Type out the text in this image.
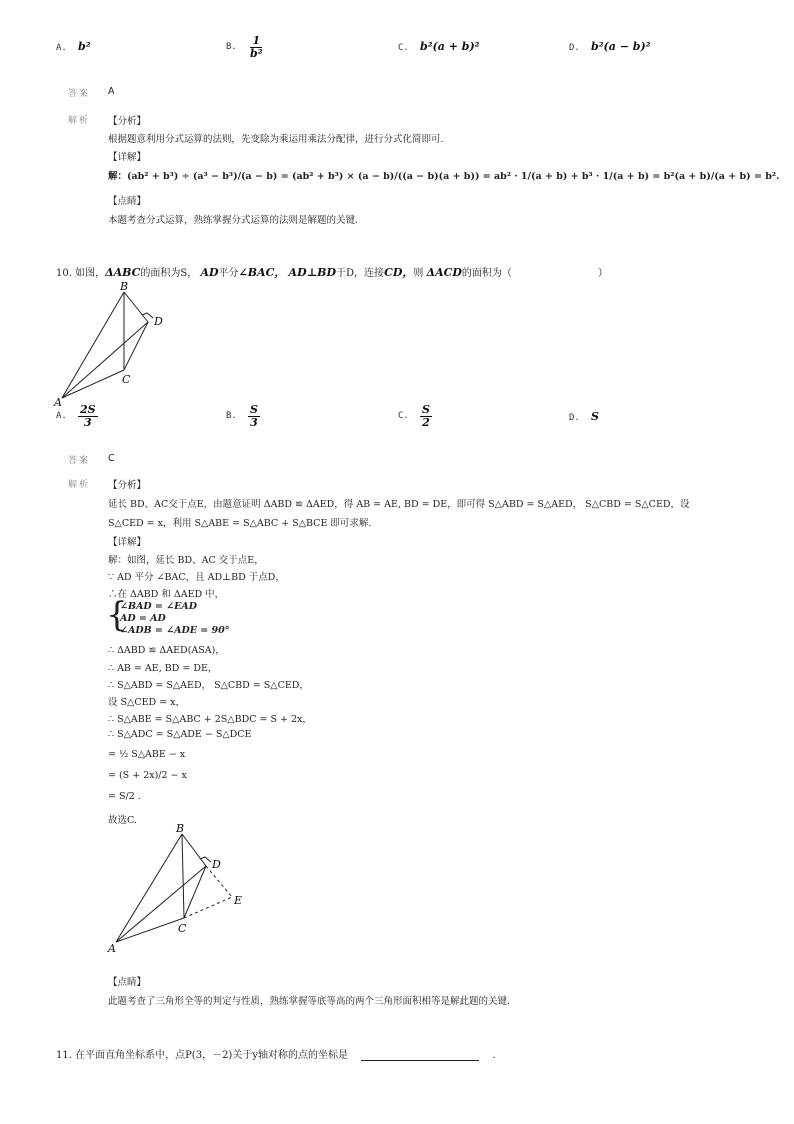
A. b²	B. $\frac{1}{\text{b²}}$	C. b²(a + b)²	D. b²(a − b)²
答案 A
解析 【分析】
根据题意利用分式运算的法则，先变除为乘运用乘法分配律，进行分式化简即可.
【详解】
解：(ab² + b³) ÷ (a³ − b³)/(a − b) = (ab² + b³) × (a − b)/((a − b)(a + b)) = ab² · 1/(a + b) + b³ · 1/(a + b) = b²(a + b)/(a + b) = b².
【点睛】
本题考查分式运算，熟练掌握分式运算的法则是解题的关键.
10. 如图，ΔABC的面积为S， AD平分∠BAC， AD⊥BD于D，连接CD，则 ΔACD的面积为（	）
B
D
C
A
A. $\frac{2S}{3}$	B. $\frac{S}{3}$	C. $\frac{S}{2}$	D. S
答案 C
解析 【分析】
延长 BD、AC交于点E，由题意证明 ΔABD ≌ ΔAED，得 AB = AE, BD = DE，即可得 S△ABD = S△AED， S△CBD = S△CED，设
S△CED = x，利用 S△ABE = S△ABC + S△BCE 即可求解.
【详解】
解：如图，延长 BD、AC 交于点E，
∵ AD 平分 ∠BAC，且 AD⊥BD 于点D，
∴在 ΔABD 和 ΔAED 中，
{
∠BAD = ∠EAD
AD = AD
∠ADB = ∠ADE = 90°
∴ ΔABD ≌ ΔAED(ASA)，
∴ AB = AE, BD = DE，
∴ S△ABD = S△AED， S△CBD = S△CED，
设 S△CED = x，
∴ S△ABE = S△ABC + 2S△BDC = S + 2x，
∴ S△ADC = S△ADE − S△DCE
= ½ S△ABE − x
= (S + 2x)/2 − x
= S/2 .
故选C.
B
D
E
C
A
【点睛】
此题考查了三角形全等的判定与性质，熟练掌握等底等高的两个三角形面积相等是解此题的关键.
11. 在平面直角坐标系中，点P(3，－2)关于y轴对称的点的坐标是	.
